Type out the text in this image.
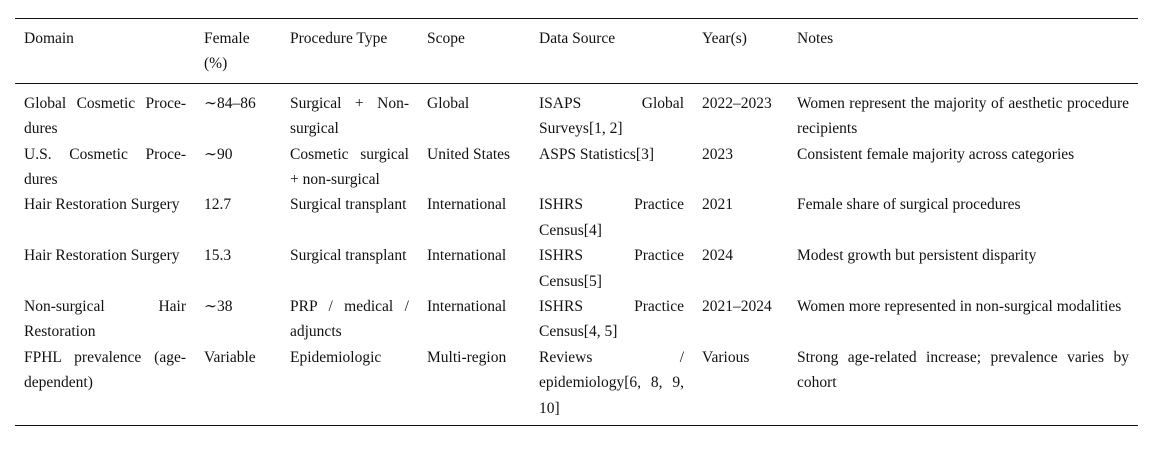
Domain	Female (%)	Procedure Type	Scope	Data Source	Year(s)	Notes
Global Cosmetic Procedures	∼84–86	Surgical + Non-surgical	Global	ISAPS Global Surveys[1, 2]	2022–2023	Women represent the majority of aesthetic procedure recipients
U.S. Cosmetic Procedures	∼90	Cosmetic surgical + non-surgical	United States	ASPS Statistics[3]	2023	Consistent female majority across categories
Hair Restoration Surgery	12.7	Surgical transplant	International	ISHRS Practice Census[4]	2021	Female share of surgical procedures
Hair Restoration Surgery	15.3	Surgical transplant	International	ISHRS Practice Census[5]	2024	Modest growth but persistent disparity
Non-surgical Hair Restoration	∼38	PRP / medical / adjuncts	International	ISHRS Practice Census[4, 5]	2021–2024	Women more represented in non-surgical modalities
FPHL prevalence (age-dependent)	Variable	Epidemiologic	Multi-region	Reviews / epidemiology[6, 8, 9, 10]	Various	Strong age-related increase; prevalence varies by cohort
